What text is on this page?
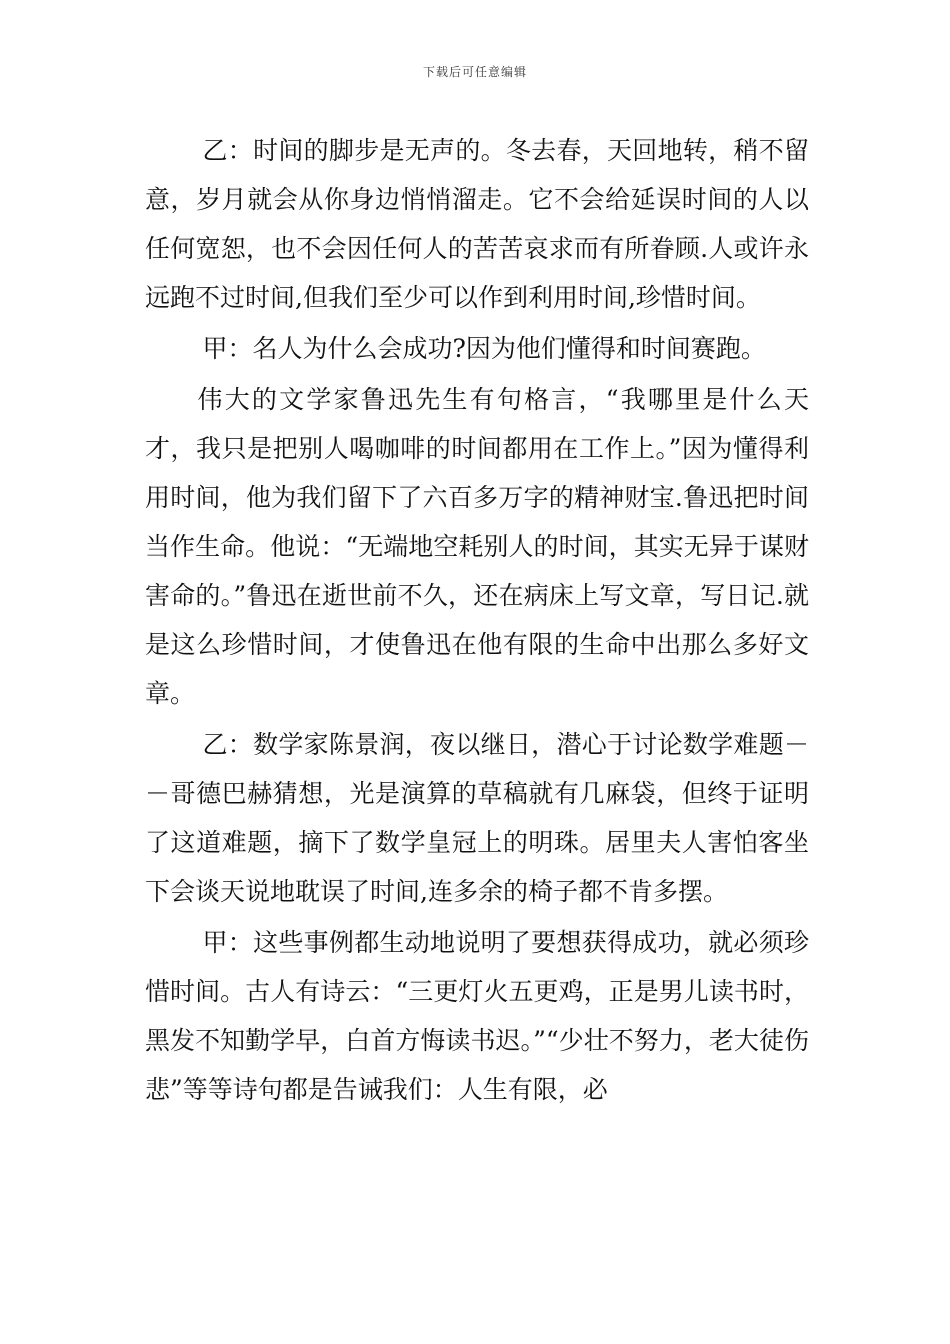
下载后可任意编辑

乙：时间的脚步是无声的。冬去春，天回地转，稍不留意，岁月就会从你身边悄悄溜走。它不会给延误时间的人以任何宽恕，也不会因任何人的苦苦哀求而有所眷顾.人或许永远跑不过时间,但我们至少可以作到利用时间,珍惜时间。

甲：名人为什么会成功?因为他们懂得和时间赛跑。

伟大的文学家鲁迅先生有句格言，“我哪里是什么天才，我只是把别人喝咖啡的时间都用在工作上。”因为懂得利用时间，他为我们留下了六百多万字的精神财宝.鲁迅把时间当作生命。他说：“无端地空耗别人的时间，其实无异于谋财害命的。”鲁迅在逝世前不久，还在病床上写文章，写日记.就是这么珍惜时间，才使鲁迅在他有限的生命中出那么多好文章。

乙：数学家陈景润，夜以继日，潜心于讨论数学难题－－哥德巴赫猜想，光是演算的草稿就有几麻袋，但终于证明了这道难题，摘下了数学皇冠上的明珠。居里夫人害怕客坐下会谈天说地耽误了时间,连多余的椅子都不肯多摆。

甲：这些事例都生动地说明了要想获得成功，就必须珍惜时间。古人有诗云：“三更灯火五更鸡，正是男儿读书时，黑发不知勤学早，白首方悔读书迟。”“少壮不努力，老大徒伤悲”等等诗句都是告诫我们：人生有限，必
